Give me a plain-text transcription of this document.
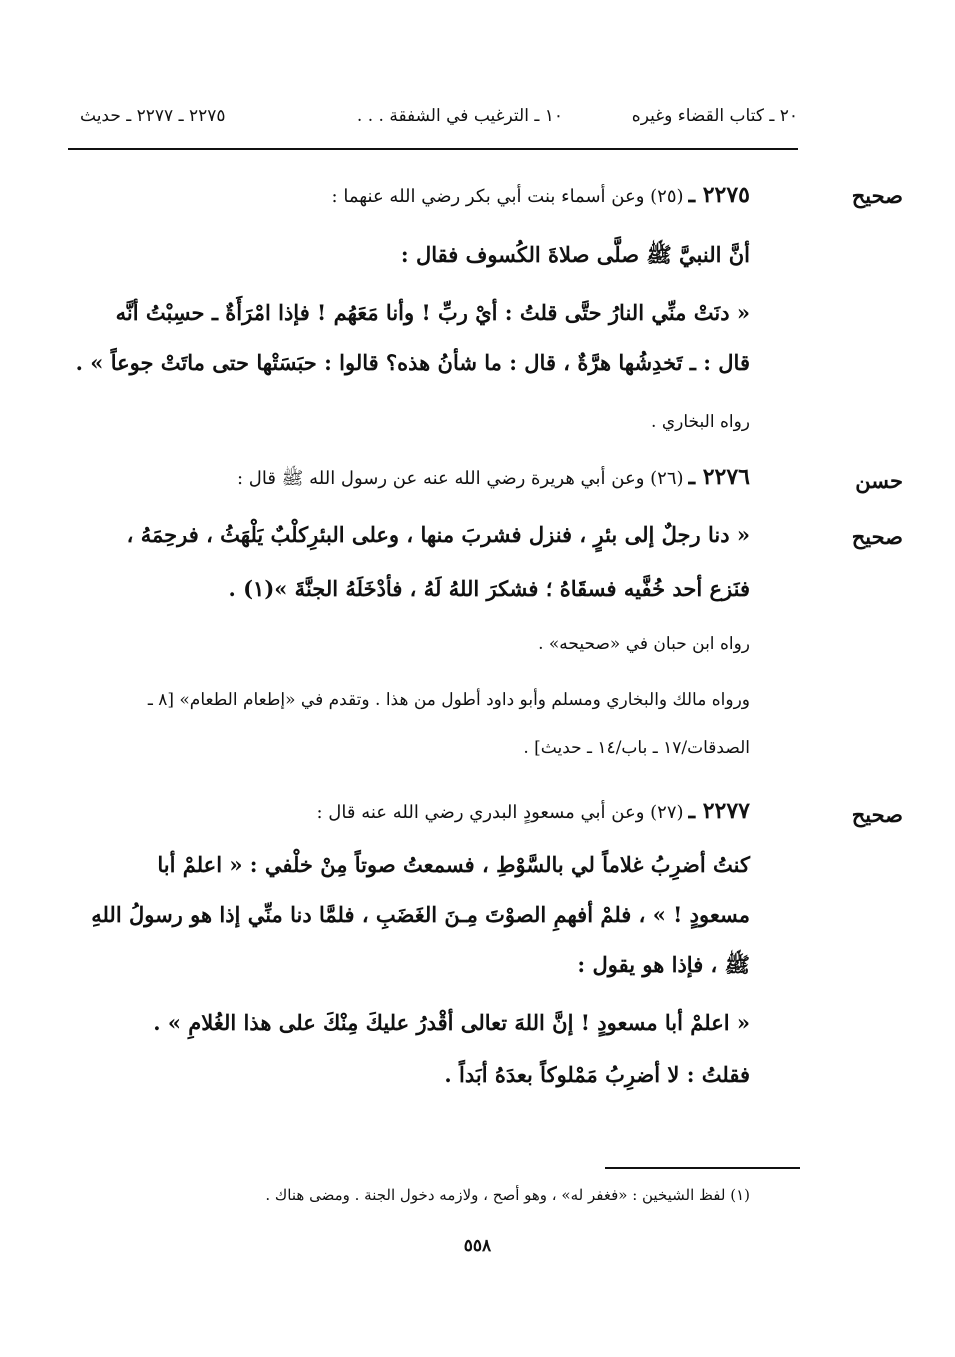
٢٠ ـ كتاب القضاء وغيره
١٠ ـ الترغيب في الشفقة . . .
٢٢٧٥ ـ ٢٢٧٧ ـ حديث
صحيح
٢٢٧٥ ـ (٢٥) وعن أسماء بنت أبي بكر رضي الله عنهما :
أنَّ النبيَّ ﷺ صلَّى صلاةَ الكُسوف فقال :
« دنَتْ منِّي النارُ حتَّى قلتُ : أيْ ربِّ ! وأنا مَعَهُم ! فإذا امْرَأَةٌ ـ حسِبْتُ أنَّه
قال : ـ تَخدِشُها هرَّةٌ ، قال : ما شأنُ هذه؟ قالوا : حبَسَتْها حتى ماتَتْ جوعاً » .
رواه البخاري .
حسن
صحيح
٢٢٧٦ ـ (٢٦) وعن أبي هريرة رضي الله عنه عن رسول الله ﷺ قال :
« دنا رجلٌ إلى بئرٍ ، فنزل فشربَ منها ، وعلى البئرِكلْبٌ يَلْهَثُ ، فرحِمَهُ ،
فنَزع أحد خُفَّيه فسقَاهُ ؛ فشكرَ اللهُ لَهُ ، فأدْخَلَهُ الجنَّةَ »(١) .
رواه ابن حبان في «صحيحه» .
ورواه مالك والبخاري ومسلم وأبو داود أطول من هذا . وتقدم في «إطعام الطعام» [٨ ـ
الصدقات/١٧ ـ باب/١٤ ـ حديث] .
صحيح
٢٢٧٧ ـ (٢٧) وعن أبي مسعودٍ البدري رضي الله عنه قال :
كنتُ أضرِبُ غلاماً لي بالسَّوْطِ ، فسمعتُ صوتاً مِنْ خلْفي : « اعلمْ أبا
مسعودٍ ! » ، فلمْ أفهمِ الصوْتَ مِـنَ الغَضَبِ ، فلمَّا دنا منِّي إذا هو رسولُ اللهِ
ﷺ ، فإذا هو يقول :
« اعلمْ أبا مسعودٍ ! إنَّ اللهَ تعالى أقْدرُ عليكَ مِنْكَ على هذا الغُلامِ » .
فقلتُ : لا أضرِبُ مَمْلوكاً بعدَهُ أبَداً .
(١) لفظ الشيخين : «فغفر له» ، وهو أصح ، ولازمه دخول الجنة . ومضى هناك .
٥٥٨
